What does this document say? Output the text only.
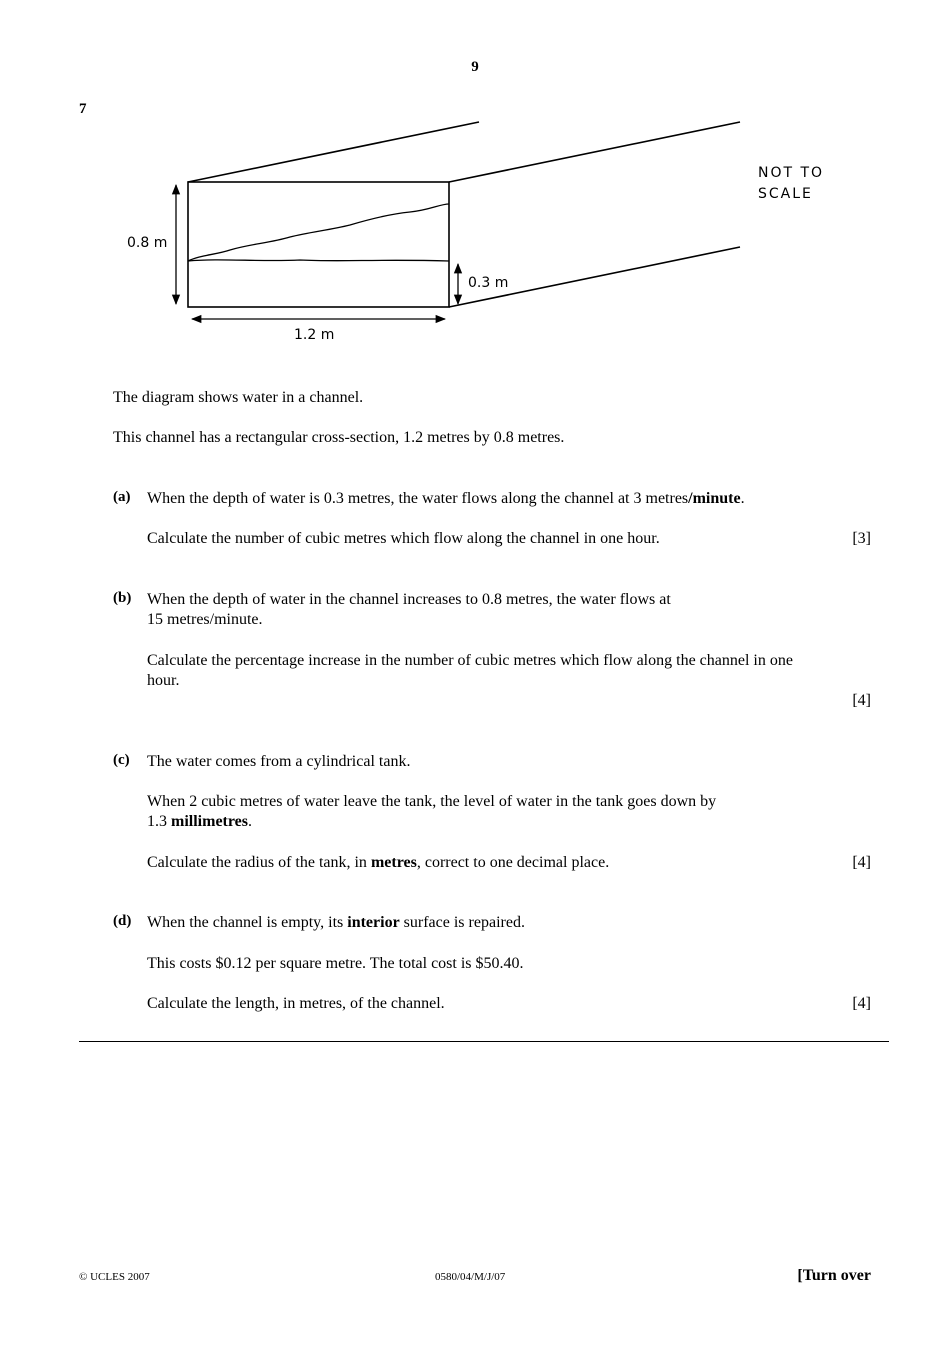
9
7
0.8 m
1.2 m
0.3 m
NOT TO
SCALE
The diagram shows water in a channel.
This channel has a rectangular cross-section, 1.2 metres by 0.8 metres.
(a) When the depth of water is 0.3 metres, the water flows along the channel at 3 metres/minute.
Calculate the number of cubic metres which flow along the channel in one hour.	[3]
(b) When the depth of water in the channel increases to 0.8 metres, the water flows at
15 metres/minute.
Calculate the percentage increase in the number of cubic metres which flow along the channel in one
hour.
[4]
(c) The water comes from a cylindrical tank.
When 2 cubic metres of water leave the tank, the level of water in the tank goes down by
1.3 millimetres.
Calculate the radius of the tank, in metres, correct to one decimal place.	[4]
(d) When the channel is empty, its interior surface is repaired.
This costs $0.12 per square metre. The total cost is $50.40.
Calculate the length, in metres, of the channel.	[4]
© UCLES 2007	0580/04/M/J/07	[Turn over
